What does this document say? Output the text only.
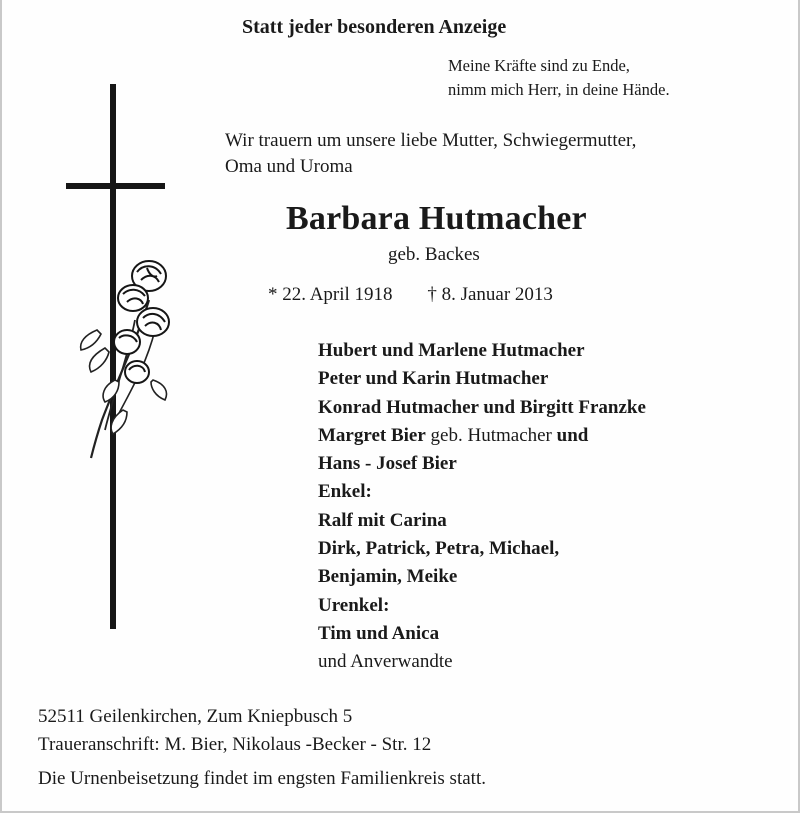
Statt jeder besonderen Anzeige
Meine Kräfte sind zu Ende,
nimm mich Herr, in deine Hände.
Wir trauern um unsere liebe Mutter, Schwiegermutter,
Oma und Uroma
Barbara Hutmacher
geb. Backes
* 22. April 1918 † 8. Januar 2013
Hubert und Marlene Hutmacher
Peter und Karin Hutmacher
Konrad Hutmacher und Birgitt Franzke
Margret Bier geb. Hutmacher und
Hans - Josef Bier
Enkel:
Ralf mit Carina
Dirk, Patrick, Petra, Michael,
Benjamin, Meike
Urenkel:
Tim und Anica
und Anverwandte
52511 Geilenkirchen, Zum Kniepbusch 5
Traueranschrift: M. Bier, Nikolaus -Becker - Str. 12
Die Urnenbeisetzung findet im engsten Familienkreis statt.
